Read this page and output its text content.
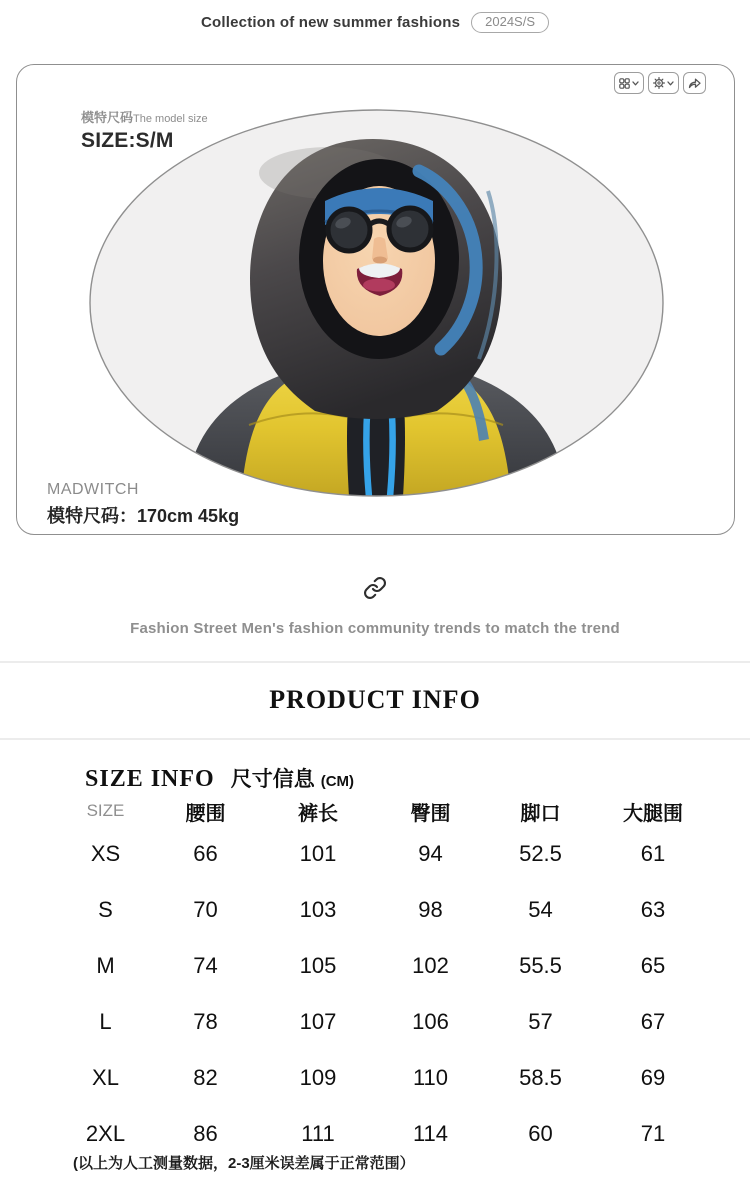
Collection of new summer fashions	2024S/S
模特尺码The model size
SIZE:S/M
MADWITCH
模特尺码：170cm 45kg
Fashion Street Men's fashion community trends to match the trend
PRODUCT INFO
SIZE INFO 尺寸信息 (CM)
SIZE	腰围	裤长	臀围	脚口	大腿围
XS	66	101	94	52.5	61
S	70	103	98	54	63
M	74	105	102	55.5	65
L	78	107	106	57	67
XL	82	109	110	58.5	69
2XL	86	111	114	60	71
(以上为人工测量数据，2-3厘米误差属于正常范围）
